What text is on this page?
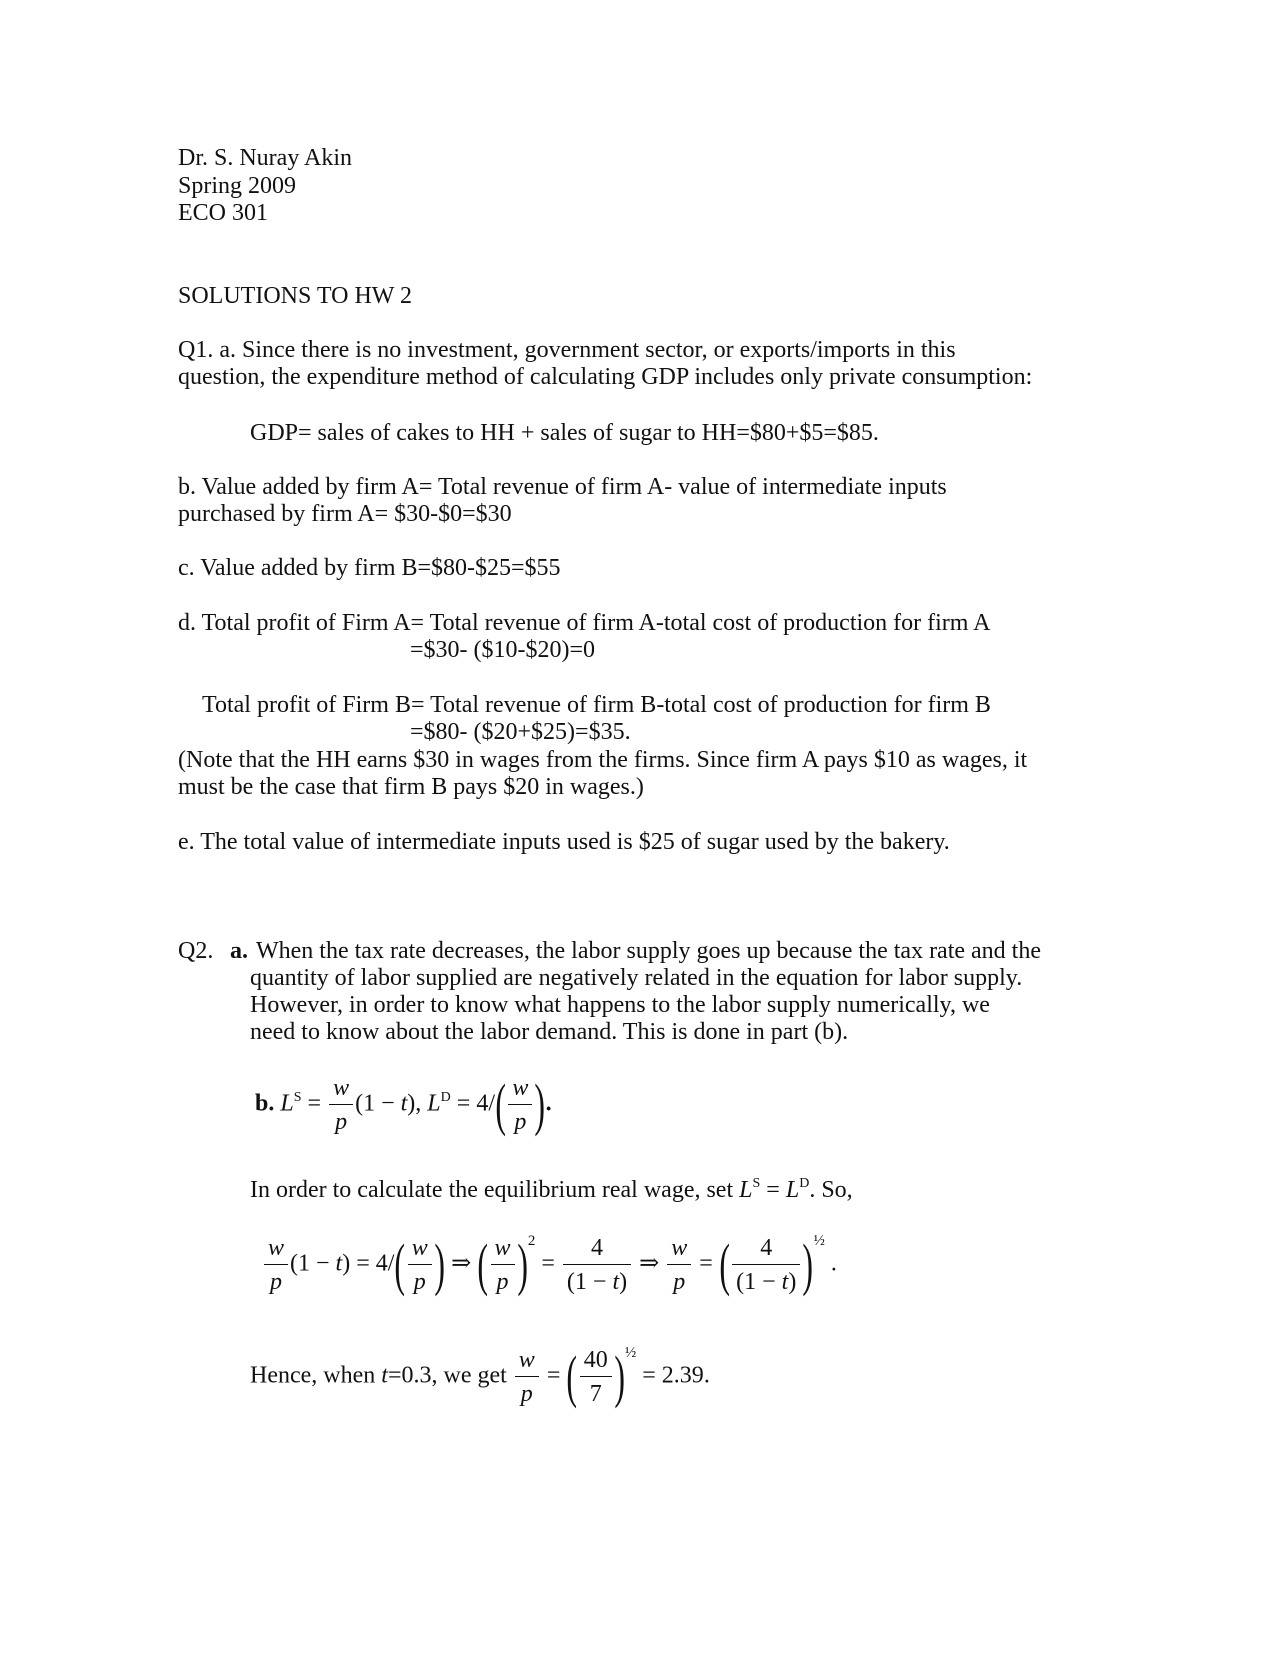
Dr. S. Nuray Akin
Spring 2009
ECO 301
SOLUTIONS TO HW 2
Q1. a. Since there is no investment, government sector, or exports/imports in this
question, the expenditure method of calculating GDP includes only private consumption:
GDP= sales of cakes to HH + sales of sugar to HH=$80+$5=$85.
b. Value added by firm A= Total revenue of firm A- value of intermediate inputs
purchased by firm A= $30-$0=$30
c. Value added by firm B=$80-$25=$55
d. Total profit of Firm A= Total revenue of firm A-total cost of production for firm A
=$30- ($10-$20)=0
Total profit of Firm B= Total revenue of firm B-total cost of production for firm B
=$80- ($20+$25)=$35.
(Note that the HH earns $30 in wages from the firms. Since firm A pays $10 as wages, it
must be the case that firm B pays $20 in wages.)
e. The total value of intermediate inputs used is $25 of sugar used by the bakery.
Q2. a. When the tax rate decreases, the labor supply goes up because the tax rate and the
quantity of labor supplied are negatively related in the equation for labor supply.
However, in order to know what happens to the labor supply numerically, we
need to know about the labor demand. This is done in part (b).
b. $L^S = \frac{w}{p} (1 - t)$, $L^D = 4/( \frac{w}{p}$ ).
In order to calculate the equilibrium real wage, set $L^S = L^D$. So,
$\frac{w}{p} (1 - t) = 4/( \frac{w}{p}$ ) ⇒ ( $\frac{w}{p} )^2 = \frac{4}{(1 - t)}$ ⇒ $\frac{w}{p}$ = ( $\frac{4}{(1 - t)} )^{\frac{1}{2}}$ .
Hence, when t=0.3, we get $\frac{w}{p}$ = ( $\frac{40}{7} )^{\frac{1}{2}} = 2.39$.
